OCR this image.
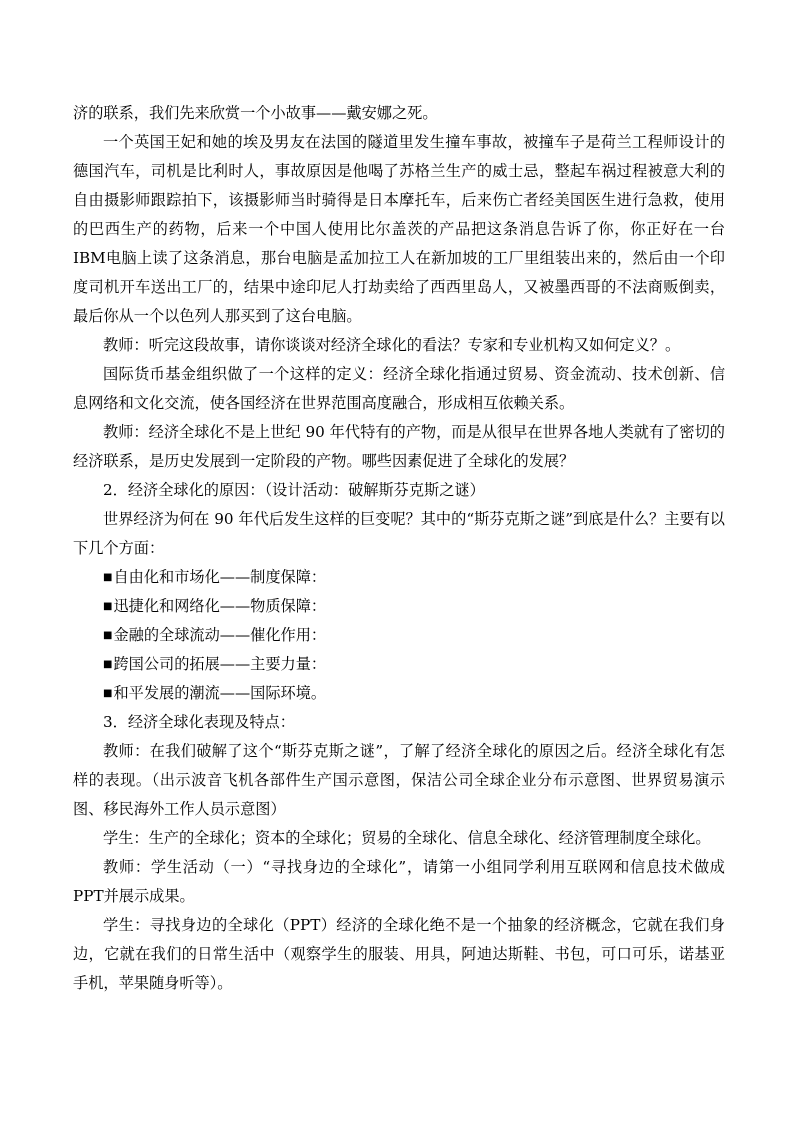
济的联系，我们先来欣赏一个小故事——戴安娜之死。

一个英国王妃和她的埃及男友在法国的隧道里发生撞车事故，被撞车子是荷兰工程师设计的德国汽车，司机是比利时人，事故原因是他喝了苏格兰生产的威士忌，整起车祸过程被意大利的自由摄影师跟踪拍下，该摄影师当时骑得是日本摩托车，后来伤亡者经美国医生进行急救，使用的巴西生产的药物，后来一个中国人使用比尔盖茨的产品把这条消息告诉了你，你正好在一台IBM电脑上读了这条消息，那台电脑是孟加拉工人在新加坡的工厂里组装出来的，然后由一个印度司机开车送出工厂的，结果中途印尼人打劫卖给了西西里岛人，又被墨西哥的不法商贩倒卖，最后你从一个以色列人那买到了这台电脑。

教师：听完这段故事，请你谈谈对经济全球化的看法？专家和专业机构又如何定义？。

国际货币基金组织做了一个这样的定义：经济全球化指通过贸易、资金流动、技术创新、信息网络和文化交流，使各国经济在世界范围高度融合，形成相互依赖关系。

教师：经济全球化不是上世纪 90 年代特有的产物，而是从很早在世界各地人类就有了密切的经济联系，是历史发展到一定阶段的产物。哪些因素促进了全球化的发展？

2．经济全球化的原因：（设计活动：破解斯芬克斯之谜）

世界经济为何在 90 年代后发生这样的巨变呢？其中的“斯芬克斯之谜”到底是什么？主要有以下几个方面：

■自由化和市场化——制度保障：

■迅捷化和网络化——物质保障：

■金融的全球流动——催化作用：

■跨国公司的拓展——主要力量：

■和平发展的潮流——国际环境。

3．经济全球化表现及特点：

教师：在我们破解了这个“斯芬克斯之谜”，了解了经济全球化的原因之后。经济全球化有怎样的表现。（出示波音飞机各部件生产国示意图，保洁公司全球企业分布示意图、世界贸易演示图、移民海外工作人员示意图）

学生：生产的全球化；资本的全球化；贸易的全球化、信息全球化、经济管理制度全球化。

教师：学生活动（一）“寻找身边的全球化”，请第一小组同学利用互联网和信息技术做成PPT并展示成果。

学生：寻找身边的全球化（PPT）经济的全球化绝不是一个抽象的经济概念，它就在我们身边，它就在我们的日常生活中（观察学生的服装、用具，阿迪达斯鞋、书包，可口可乐，诺基亚手机，苹果随身听等）。
